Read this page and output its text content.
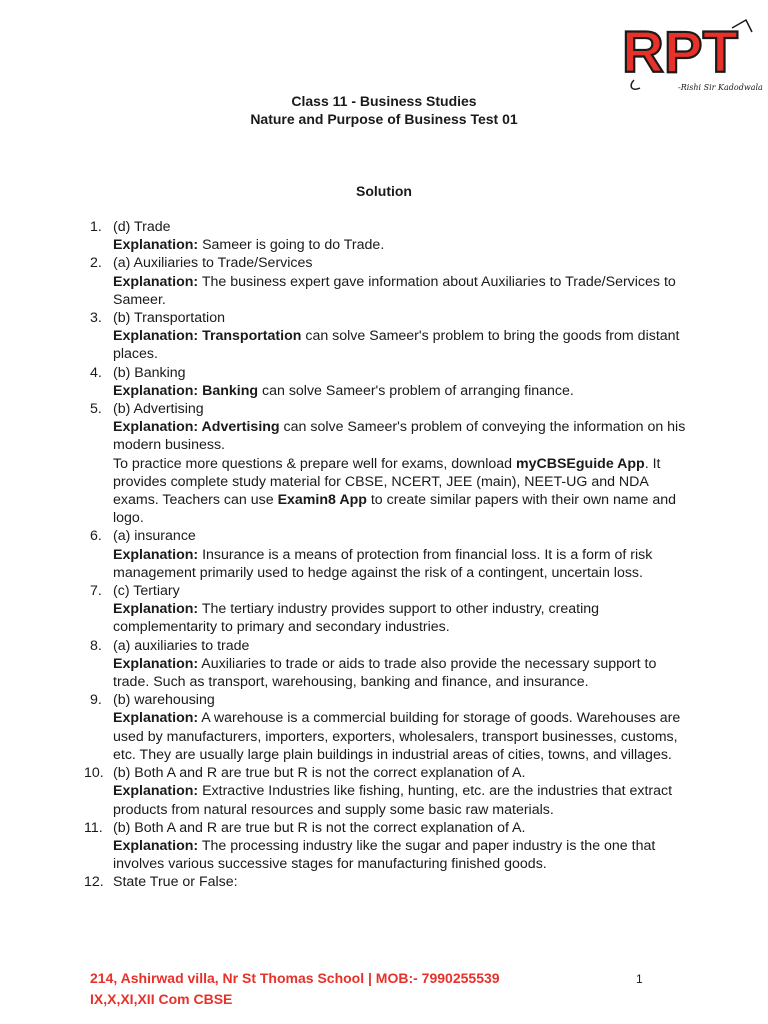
RPT
-Rishi Sir Kadodwala
Class 11 - Business Studies
Nature and Purpose of Business Test 01
Solution
1. (d) Trade
Explanation: Sameer is going to do Trade.
2. (a) Auxiliaries to Trade/Services
Explanation: The business expert gave information about Auxiliaries to Trade/Services to Sameer.
3. (b) Transportation
Explanation: Transportation can solve Sameer's problem to bring the goods from distant places.
4. (b) Banking
Explanation: Banking can solve Sameer's problem of arranging finance.
5. (b) Advertising
Explanation: Advertising can solve Sameer's problem of conveying the information on his modern business.
To practice more questions & prepare well for exams, download myCBSEguide App. It provides complete study material for CBSE, NCERT, JEE (main), NEET-UG and NDA exams. Teachers can use Examin8 App to create similar papers with their own name and logo.
6. (a) insurance
Explanation: Insurance is a means of protection from financial loss. It is a form of risk management primarily used to hedge against the risk of a contingent, uncertain loss.
7. (c) Tertiary
Explanation: The tertiary industry provides support to other industry, creating complementarity to primary and secondary industries.
8. (a) auxiliaries to trade
Explanation: Auxiliaries to trade or aids to trade also provide the necessary support to trade. Such as transport, warehousing, banking and finance, and insurance.
9. (b) warehousing
Explanation: A warehouse is a commercial building for storage of goods. Warehouses are used by manufacturers, importers, exporters, wholesalers, transport businesses, customs, etc. They are usually large plain buildings in industrial areas of cities, towns, and villages.
10. (b) Both A and R are true but R is not the correct explanation of A.
Explanation: Extractive Industries like fishing, hunting, etc. are the industries that extract products from natural resources and supply some basic raw materials.
11. (b) Both A and R are true but R is not the correct explanation of A.
Explanation: The processing industry like the sugar and paper industry is the one that involves various successive stages for manufacturing finished goods.
12. State True or False:
214, Ashirwad villa, Nr St Thomas School | MOB:- 7990255539
IX,X,XI,XII Com CBSE
1
